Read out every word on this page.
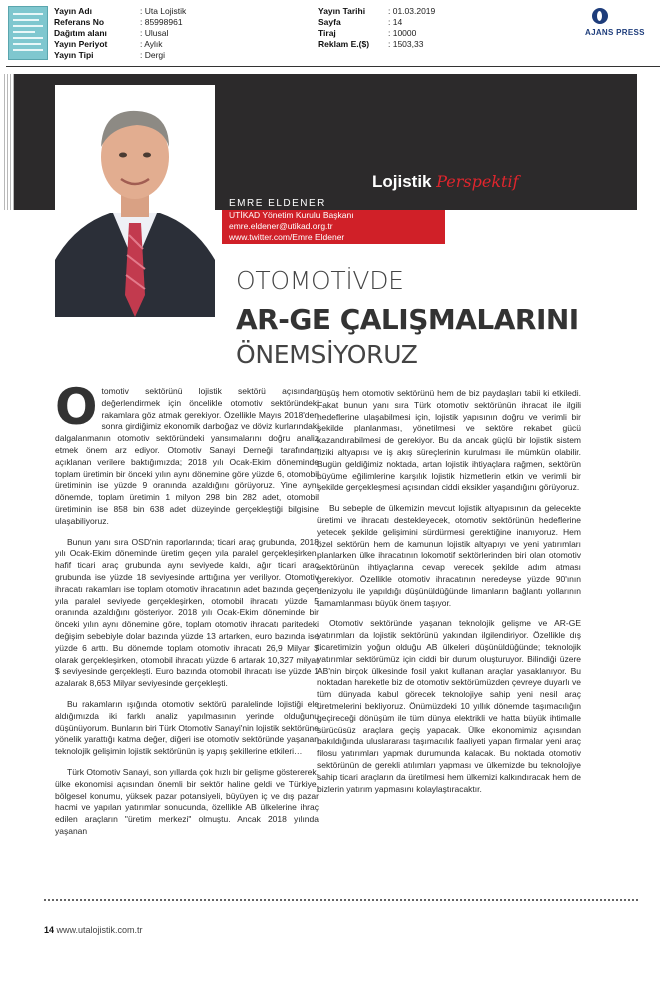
Yayın Adı	: Uta Lojistik
Referans No	: 85998961
Dağıtım alanı	: Ulusal
Yayın Periyot	: Aylık
Yayın Tipi	: Dergi
Yayın Tarihi	: 01.03.2019
Sayfa	: 14
Tiraj	: 10000
Reklam E.($)	: 1503,33
AJANS PRESS
EMRE ELDENER
Lojistik Perspektif
UTİKAD Yönetim Kurulu Başkanı
emre.eldener@utikad.org.tr
www.twitter.com/Emre Eldener
OTOMOTİVDE
AR-GE ÇALIŞMALARINI
ÖNEMSİYORUZ

Otomotiv sektörünü lojistik sektörü açısından değerlendirmek için öncelikle otomotiv sektöründeki rakamlara göz atmak gerekiyor. Özellikle Mayıs 2018'den sonra girdiğimiz ekonomik darboğaz ve döviz kurlarındaki dalgalanmanın otomotiv sektöründeki yansımalarını doğru analiz etmek önem arz ediyor. Otomotiv Sanayi Derneği tarafından açıklanan verilere baktığımızda; 2018 yılı Ocak-Ekim döneminde toplam üretimin bir önceki yılın aynı dönemine göre yüzde 6, otomobil üretiminin ise yüzde 9 oranında azaldığını görüyoruz. Yine aynı dönemde, toplam üretimin 1 milyon 298 bin 282 adet, otomobil üretiminin ise 858 bin 638 adet düzeyinde gerçekleştiği bilgisine ulaşabiliyoruz.

Bunun yanı sıra OSD'nin raporlarında; ticari araç grubunda, 2018 yılı Ocak-Ekim döneminde üretim geçen yıla paralel gerçekleşirken, hafif ticari araç grubunda aynı seviyede kaldı, ağır ticari araç grubunda ise yüzde 18 seviyesinde arttığına yer veriliyor. Otomotiv ihracatı rakamları ise toplam otomotiv ihracatının adet bazında geçen yıla paralel seviyede gerçekleşirken, otomobil ihracatı yüzde 5 oranında azaldığını gösteriyor. 2018 yılı Ocak-Ekim döneminde bir önceki yılın aynı dönemine göre, toplam otomotiv ihracatı paritedeki değişim sebebiyle dolar bazında yüzde 13 artarken, euro bazında ise yüzde 6 arttı. Bu dönemde toplam otomotiv ihracatı 26,9 Milyar $ olarak gerçekleşirken, otomobil ihracatı yüzde 6 artarak 10,327 milyar $ seviyesinde gerçekleşti. Euro bazında otomobil ihracatı ise yüzde 1 azalarak 8,653 Milyar seviyesinde gerçekleşti.

Bu rakamların ışığında otomotiv sektörü paralelinde lojistiği ele aldığımızda iki farklı analiz yapılmasının yerinde olduğunu düşünüyorum. Bunların biri Türk Otomotiv Sanayi'nin lojistik sektörüne yönelik yarattığı katma değer, diğeri ise otomotiv sektöründe yaşanan teknolojik gelişimin lojistik sektörünün iş yapış şekillerine etkileri…

Türk Otomotiv Sanayi, son yıllarda çok hızlı bir gelişme göstererek, ülke ekonomisi açısından önemli bir sektör haline geldi ve Türkiye, bölgesel konumu, yüksek pazar potansiyeli, büyüyen iç ve dış pazar hacmi ve yapılan yatırımlar sonucunda, özellikle AB ülkelerine ihraç edilen araçların "üretim merkezi" olmuştu. Ancak 2018 yılında yaşanan

düşüş hem otomotiv sektörünü hem de biz paydaşları tabii ki etkiledi. Fakat bunun yanı sıra Türk otomotiv sektörünün ihracat ile ilgili hedeflerine ulaşabilmesi için, lojistik yapısının doğru ve verimli bir şekilde planlanması, yönetilmesi ve sektöre rekabet gücü kazandırabilmesi de gerekiyor. Bu da ancak güçlü bir lojistik sistem fiziki altyapısı ve iş akış süreçlerinin kurulması ile mümkün olabilir. Bugün geldiğimiz noktada, artan lojistik ihtiyaçlara rağmen, sektörün büyüme eğilimlerine karşılık lojistik hizmetlerin etkin ve verimli bir şekilde gerçekleşmesi açısından ciddi eksikler yaşandığını görüyoruz.

Bu sebeple de ülkemizin mevcut lojistik altyapısının da gelecekte üretimi ve ihracatı destekleyecek, otomotiv sektörünün hedeflerine yetecek şekilde gelişimini sürdürmesi gerektiğine inanıyoruz. Hem özel sektörün hem de kamunun lojistik altyapıyı ve yeni yatırımları planlarken ülke ihracatının lokomotif sektörlerinden biri olan otomotiv sektörünün ihtiyaçlarına cevap verecek şekilde adım atması gerekiyor. Özellikle otomotiv ihracatının neredeyse yüzde 90'ının denizyolu ile yapıldığı düşünüldüğünde limanların bağlantı yollarının tamamlanması büyük önem taşıyor.

Otomotiv sektöründe yaşanan teknolojik gelişme ve AR-GE yatırımları da lojistik sektörünü yakından ilgilendiriyor. Özellikle dış ticaretimizin yoğun olduğu AB ülkeleri düşünüldüğünde; teknolojik yatırımlar sektörümüz için ciddi bir durum oluşturuyor. Bilindiği üzere AB'nin birçok ülkesinde fosil yakıt kullanan araçlar yasaklanıyor. Bu noktadan hareketle biz de otomotiv sektörümüzden çevreye duyarlı ve tüm dünyada kabul görecek teknolojiye sahip yeni nesil araç üretmelerini bekliyoruz. Önümüzdeki 10 yıllık dönemde taşımacılığın geçireceği dönüşüm ile tüm dünya elektrikli ve hatta büyük ihtimalle sürücüsüz araçlara geçiş yapacak. Ülke ekonomimiz açısından bakıldığında uluslararası taşımacılık faaliyeti yapan firmalar yeni araç filosu yatırımları yapmak durumunda kalacak. Bu noktada otomotiv sektörünün de gerekli atılımları yapması ve ülkemizde bu teknolojiye sahip ticari araçların da üretilmesi hem ülkemizi kalkındıracak hem de bizlerin yatırım yapmasını kolaylaştıracaktır.

14 www.utalojistik.com.tr
